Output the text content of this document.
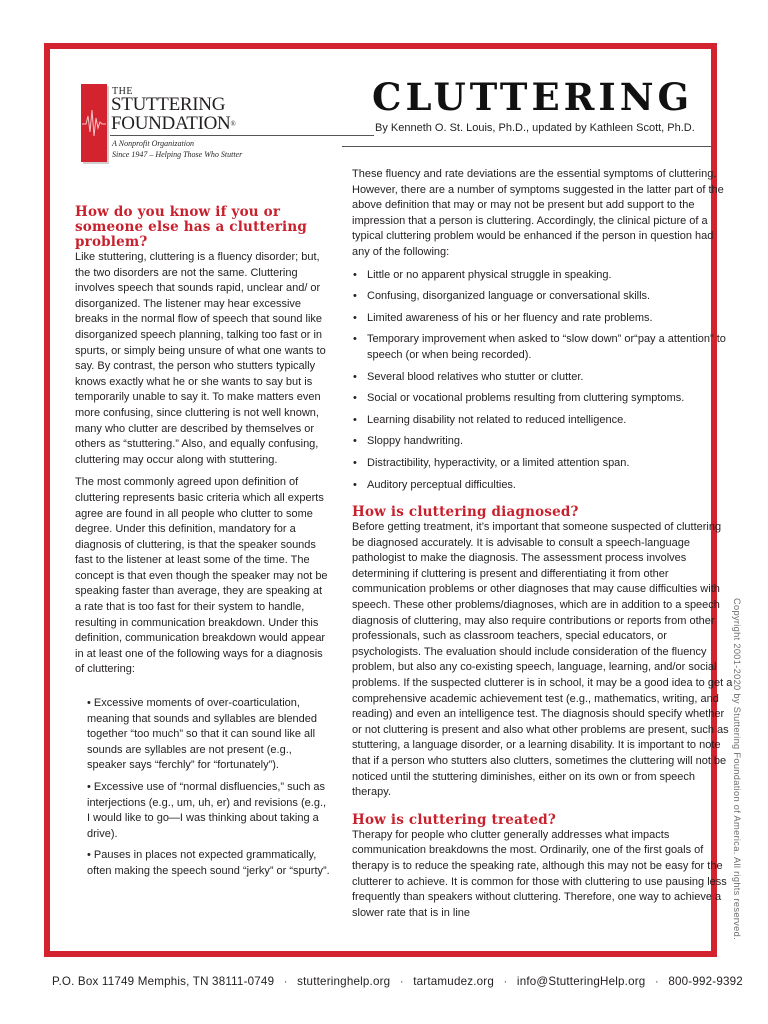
THE
STUTTERING
FOUNDATION®
A Nonprofit Organization
Since 1947 – Helping Those Who Stutter
CLUTTERING
By Kenneth O. St. Louis, Ph.D., updated by Kathleen Scott, Ph.D.
How do you know if you or someone else has a cluttering problem?

Like stuttering, cluttering is a fluency disorder; but, the two disorders are not the same. Cluttering involves speech that sounds rapid, unclear and/ or disorganized. The listener may hear excessive breaks in the normal flow of speech that sound like disorganized speech planning, talking too fast or in spurts, or simply being unsure of what one wants to say. By contrast, the person who stutters typically knows exactly what he or she wants to say but is temporarily unable to say it. To make matters even more confusing, since cluttering is not well known, many who clutter are described by themselves or others as “stuttering.” Also, and equally confusing, cluttering may occur along with stuttering.

The most commonly agreed upon definition of cluttering represents basic criteria which all experts agree are found in all people who clutter to some degree. Under this definition, mandatory for a diagnosis of cluttering, is that the speaker sounds fast to the listener at least some of the time. The concept is that even though the speaker may not be speaking faster than average, they are speaking at a rate that is too fast for their system to handle, resulting in communication breakdown. Under this definition, communication breakdown would appear in at least one of the following ways for a diagnosis of cluttering:

• Excessive moments of over-coarticulation, meaning that sounds and syllables are blended together “too much” so that it can sound like all sounds are syllables are not present (e.g., speaker says “ferchly” for “fortunately”).
• Excessive use of “normal disfluencies,” such as interjections (e.g., um, uh, er) and revisions (e.g., I would like to go—I was thinking about taking a drive).
• Pauses in places not expected grammatically, often making the speech sound “jerky” or “spurty”.

These fluency and rate deviations are the essential symptoms of cluttering. However, there are a number of symptoms suggested in the latter part of the above definition that may or may not be present but add support to the impression that a person is cluttering. Accordingly, the clinical picture of a typical cluttering problem would be enhanced if the person in question had any of the following:

• Little or no apparent physical struggle in speaking.
• Confusing, disorganized language or conversational skills.
• Limited awareness of his or her fluency and rate problems.
• Temporary improvement when asked to “slow down” or“pay a attention” to speech (or when being recorded).
• Several blood relatives who stutter or clutter.
• Social or vocational problems resulting from cluttering symptoms.
• Learning disability not related to reduced intelligence.
• Sloppy handwriting.
• Distractibility, hyperactivity, or a limited attention span.
• Auditory perceptual difficulties.
How is cluttering diagnosed?

Before getting treatment, it’s important that someone suspected of cluttering be diagnosed accurately. It is advisable to consult a speech-language pathologist to make the diagnosis. The assessment process involves determining if cluttering is present and differentiating it from other communication problems or other diagnoses that may cause difficulties with speech. These other problems/diagnoses, which are in addition to a speech diagnosis of cluttering, may also require contributions or reports from other professionals, such as classroom teachers, special educators, or psychologists. The evaluation should include consideration of the fluency problem, but also any co-existing speech, language, learning, and/or social problems. If the suspected clutterer is in school, it may be a good idea to get a comprehensive academic achievement test (e.g., mathematics, writing, and reading) and even an intelligence test. The diagnosis should specify whether or not cluttering is present and also what other problems are present, such as stuttering, a language disorder, or a learning disability. It is important to note that if a person who stutters also clutters, sometimes the cluttering will not be noticed until the stuttering diminishes, either on its own or from speech therapy.

How is cluttering treated?

Therapy for people who clutter generally addresses what impacts communication breakdowns the most. Ordinarily, one of the first goals of therapy is to reduce the speaking rate, although this may not be easy for the clutterer to achieve. It is common for those with cluttering to use pausing less frequently than speakers without cluttering. Therefore, one way to achieve a slower rate that is in line	Copyright 2001-2020 by Stuttering Foundation of America. All rights reserved.
P.O. Box 11749 Memphis, TN 38111-0749 · stutteringhelp.org · tartamudez.org · info@StutteringHelp.org · 800-992-9392
